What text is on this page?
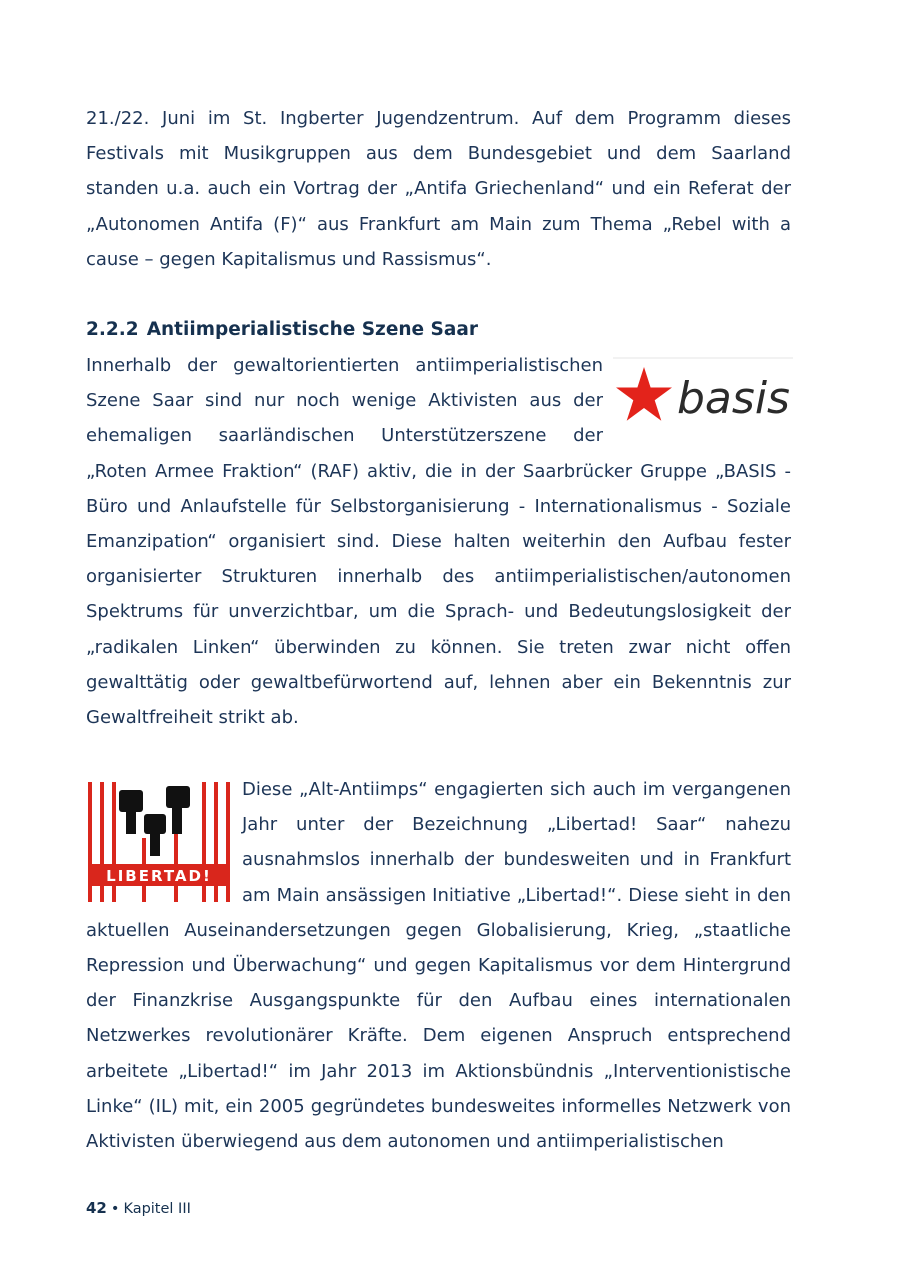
21./22. Juni im St. Ingberter Jugendzentrum. Auf dem Programm dieses Festivals mit Musikgruppen aus dem Bundesgebiet und dem Saarland standen u.a. auch ein Vortrag der „Antifa Griechenland“ und ein Referat der „Autonomen Antifa (F)“ aus Frankfurt am Main zum Thema „Rebel with a cause – gegen Kapitalismus und Rassismus“.

2.2.2 Antiimperialistische Szene Saar
basis

Innerhalb der gewaltorientierten antiimperialistischen Szene Saar sind nur noch wenige Aktivisten aus der ehemaligen saarländischen Unterstützerszene der „Roten Armee Fraktion“ (RAF) aktiv, die in der Saarbrücker Gruppe „BASIS - Büro und Anlaufstelle für Selbstorganisierung - Internationalismus - Soziale Emanzipation“ organisiert sind. Diese halten weiterhin den Aufbau fester organisierter Strukturen innerhalb des antiimperialistischen/autonomen Spektrums für unverzichtbar, um die Sprach- und Bedeutungslosigkeit der „radikalen Linken“ überwinden zu können. Sie treten zwar nicht offen gewalttätig oder gewaltbefürwortend auf, lehnen aber ein Bekenntnis zur Gewaltfreiheit strikt ab.

LIBERTAD!

Diese „Alt-Antiimps“ engagierten sich auch im vergangenen Jahr unter der Bezeichnung „Libertad! Saar“ nahezu ausnahmslos innerhalb der bundesweiten und in Frankfurt am Main ansässigen Initiative „Libertad!“. Diese sieht in den aktuellen Auseinandersetzungen gegen Globalisierung, Krieg, „staatliche Repression und Überwachung“ und gegen Kapitalismus vor dem Hintergrund der Finanzkrise Ausgangspunkte für den Aufbau eines internationalen Netzwerkes revolutionärer Kräfte. Dem eigenen Anspruch entsprechend arbeitete „Libertad!“ im Jahr 2013 im Aktionsbündnis „Interventionistische Linke“ (IL) mit, ein 2005 gegründetes bundesweites informelles Netzwerk von Aktivisten überwiegend aus dem autonomen und antiimperialistischen

42 • Kapitel III
